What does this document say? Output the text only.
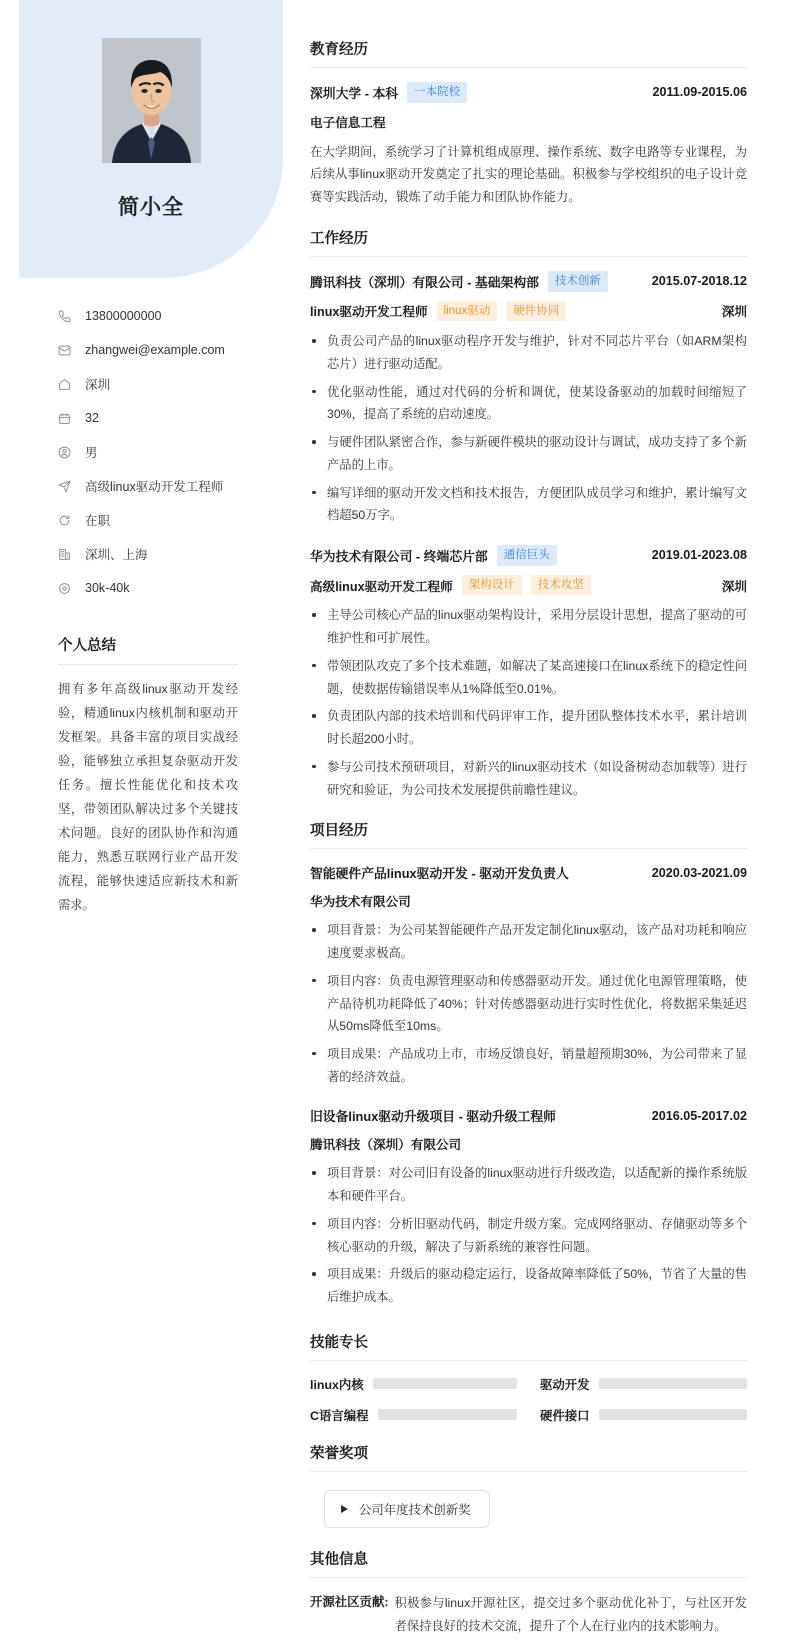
简小全
13800000000
zhangwei@example.com
深圳
32
男
高级linux驱动开发工程师
在职
深圳、上海
30k-40k
个人总结
拥有多年高级linux驱动开发经验，精通linux内核机制和驱动开发框架。具备丰富的项目实战经验，能够独立承担复杂驱动开发任务。擅长性能优化和技术攻坚，带领团队解决过多个关键技术问题。良好的团队协作和沟通能力，熟悉互联网行业产品开发流程，能够快速适应新技术和新需求。
教育经历
深圳大学 - 本科	一本院校	2011.09-2015.06
电子信息工程
在大学期间，系统学习了计算机组成原理、操作系统、数字电路等专业课程，为后续从事linux驱动开发奠定了扎实的理论基础。积极参与学校组织的电子设计竞赛等实践活动，锻炼了动手能力和团队协作能力。
工作经历
腾讯科技（深圳）有限公司 - 基础架构部	技术创新	2015.07-2018.12
linux驱动开发工程师	linux驱动	硬件协同	深圳
负责公司产品的linux驱动程序开发与维护，针对不同芯片平台（如ARM架构芯片）进行驱动适配。
优化驱动性能，通过对代码的分析和调优，使某设备驱动的加载时间缩短了30%，提高了系统的启动速度。
与硬件团队紧密合作，参与新硬件模块的驱动设计与调试，成功支持了多个新产品的上市。
编写详细的驱动开发文档和技术报告，方便团队成员学习和维护，累计编写文档超50万字。
华为技术有限公司 - 终端芯片部	通信巨头	2019.01-2023.08
高级linux驱动开发工程师	架构设计	技术攻坚	深圳
主导公司核心产品的linux驱动架构设计，采用分层设计思想，提高了驱动的可维护性和可扩展性。
带领团队攻克了多个技术难题，如解决了某高速接口在linux系统下的稳定性问题，使数据传输错误率从1%降低至0.01%。
负责团队内部的技术培训和代码评审工作，提升团队整体技术水平，累计培训时长超200小时。
参与公司技术预研项目，对新兴的linux驱动技术（如设备树动态加载等）进行研究和验证，为公司技术发展提供前瞻性建议。
项目经历
智能硬件产品linux驱动开发 - 驱动开发负责人	2020.03-2021.09
华为技术有限公司
项目背景：为公司某智能硬件产品开发定制化linux驱动，该产品对功耗和响应速度要求极高。
项目内容：负责电源管理驱动和传感器驱动开发。通过优化电源管理策略，使产品待机功耗降低了40%；针对传感器驱动进行实时性优化，将数据采集延迟从50ms降低至10ms。
项目成果：产品成功上市，市场反馈良好，销量超预期30%，为公司带来了显著的经济效益。
旧设备linux驱动升级项目 - 驱动升级工程师	2016.05-2017.02
腾讯科技（深圳）有限公司
项目背景：对公司旧有设备的linux驱动进行升级改造，以适配新的操作系统版本和硬件平台。
项目内容：分析旧驱动代码，制定升级方案。完成网络驱动、存储驱动等多个核心驱动的升级，解决了与新系统的兼容性问题。
项目成果：升级后的驱动稳定运行，设备故障率降低了50%，节省了大量的售后维护成本。
技能专长
linux内核	驱动开发
C语言编程	硬件接口
荣誉奖项
公司年度技术创新奖
其他信息
开源社区贡献: 积极参与linux开源社区，提交过多个驱动优化补丁，与社区开发者保持良好的技术交流，提升了个人在行业内的技术影响力。
